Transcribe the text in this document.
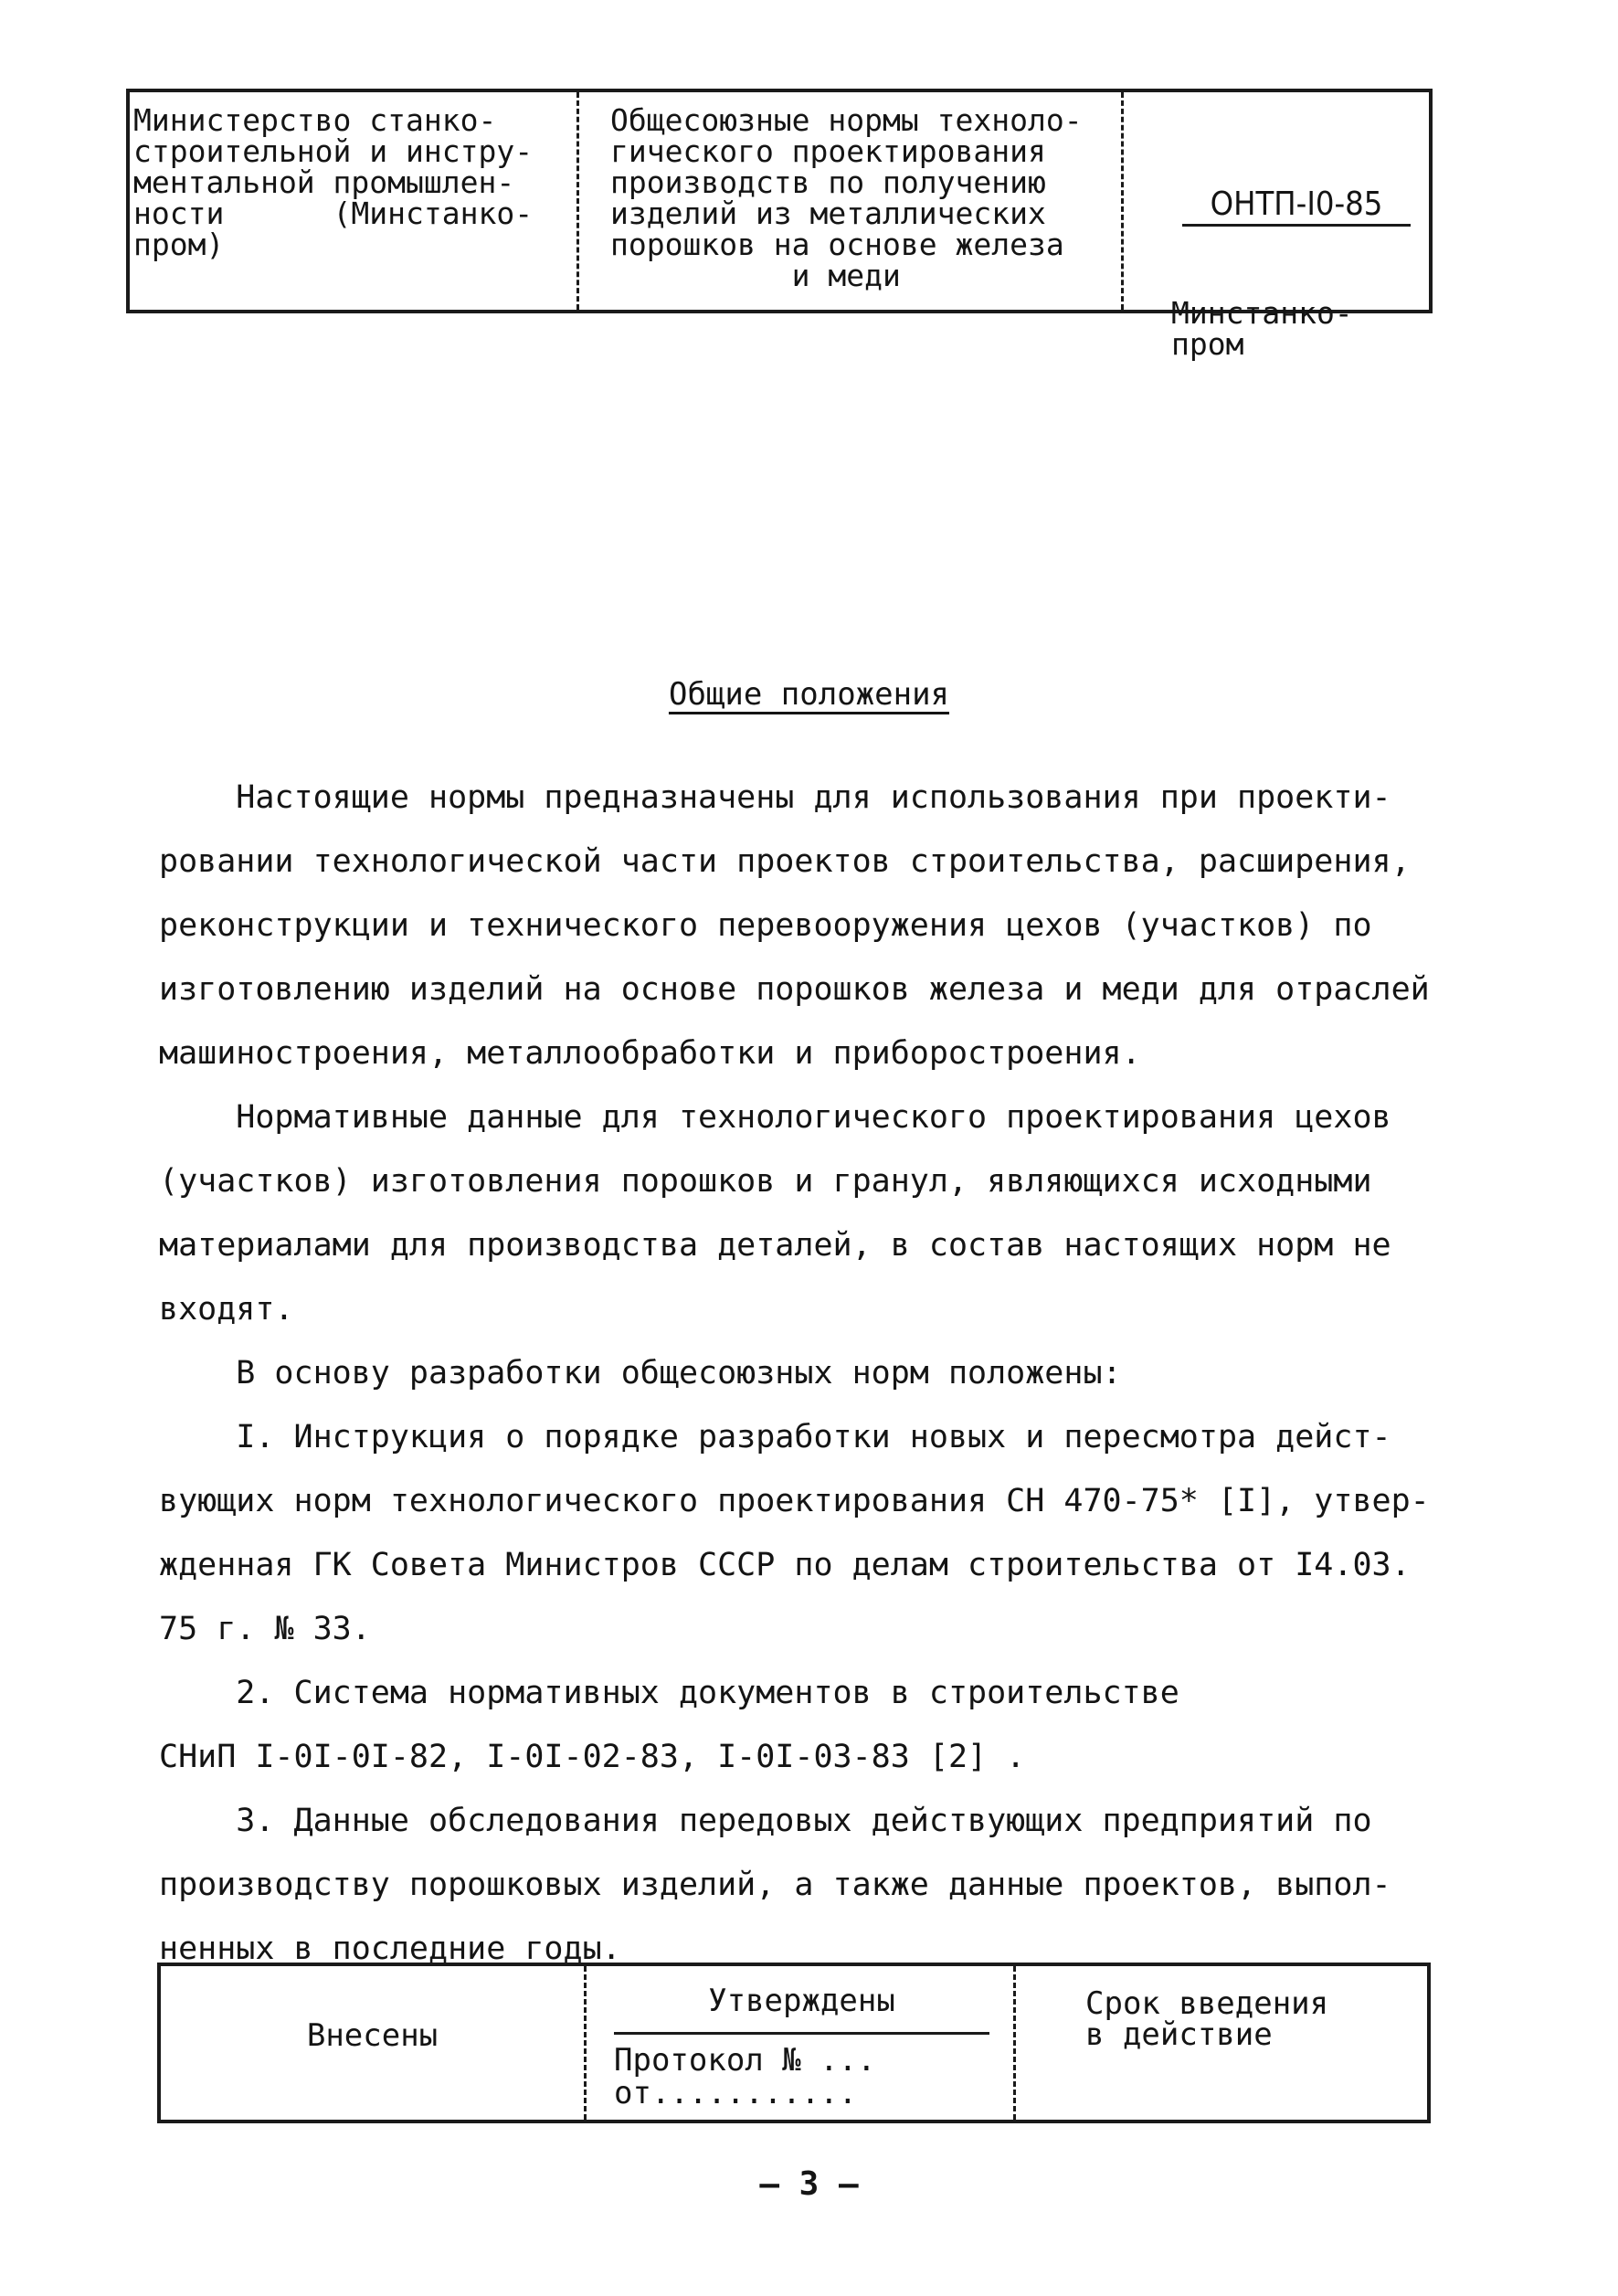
Министерство станко-
строительной и инстру-
ментальной промышлен-
ности      (Минстанко-
пром)
Общесоюзные нормы техноло-
гического проектирования
производств по получению
изделий из металлических
порошков на основе железа
и меди

ОНТП-I0-85

Минстанко-
пром

Общие положения
Настоящие нормы предназначены для использования при проекти-
ровании технологической части проектов строительства, расширения,
реконструкции и технического перевооружения цехов (участков) по
изготовлению изделий на основе порошков железа и меди для отраслей
машиностроения, металлообработки и приборостроения.
Нормативные данные для технологического проектирования цехов
(участков) изготовления порошков и гранул, являющихся исходными
материалами для производства деталей, в состав настоящих норм не
входят.
В основу разработки общесоюзных норм положены:
I. Инструкция о порядке разработки новых и пересмотра дейст-
вующих норм технологического проектирования СН 470-75* [I], утвер-
жденная ГК Совета Министров СССР по делам строительства от I4.03.
75 г. № 33.
2. Система нормативных документов в строительстве
СНиП I-0I-0I-82, I-0I-02-83, I-0I-03-83 [2] .
3. Данные обследования передовых действующих предприятий по
производству порошковых изделий, а также данные проектов, выпол-
ненных в последние годы.
Внесены
Утверждены
Протокол № ...
от...........
Срок введения
в действие
— 3 —
